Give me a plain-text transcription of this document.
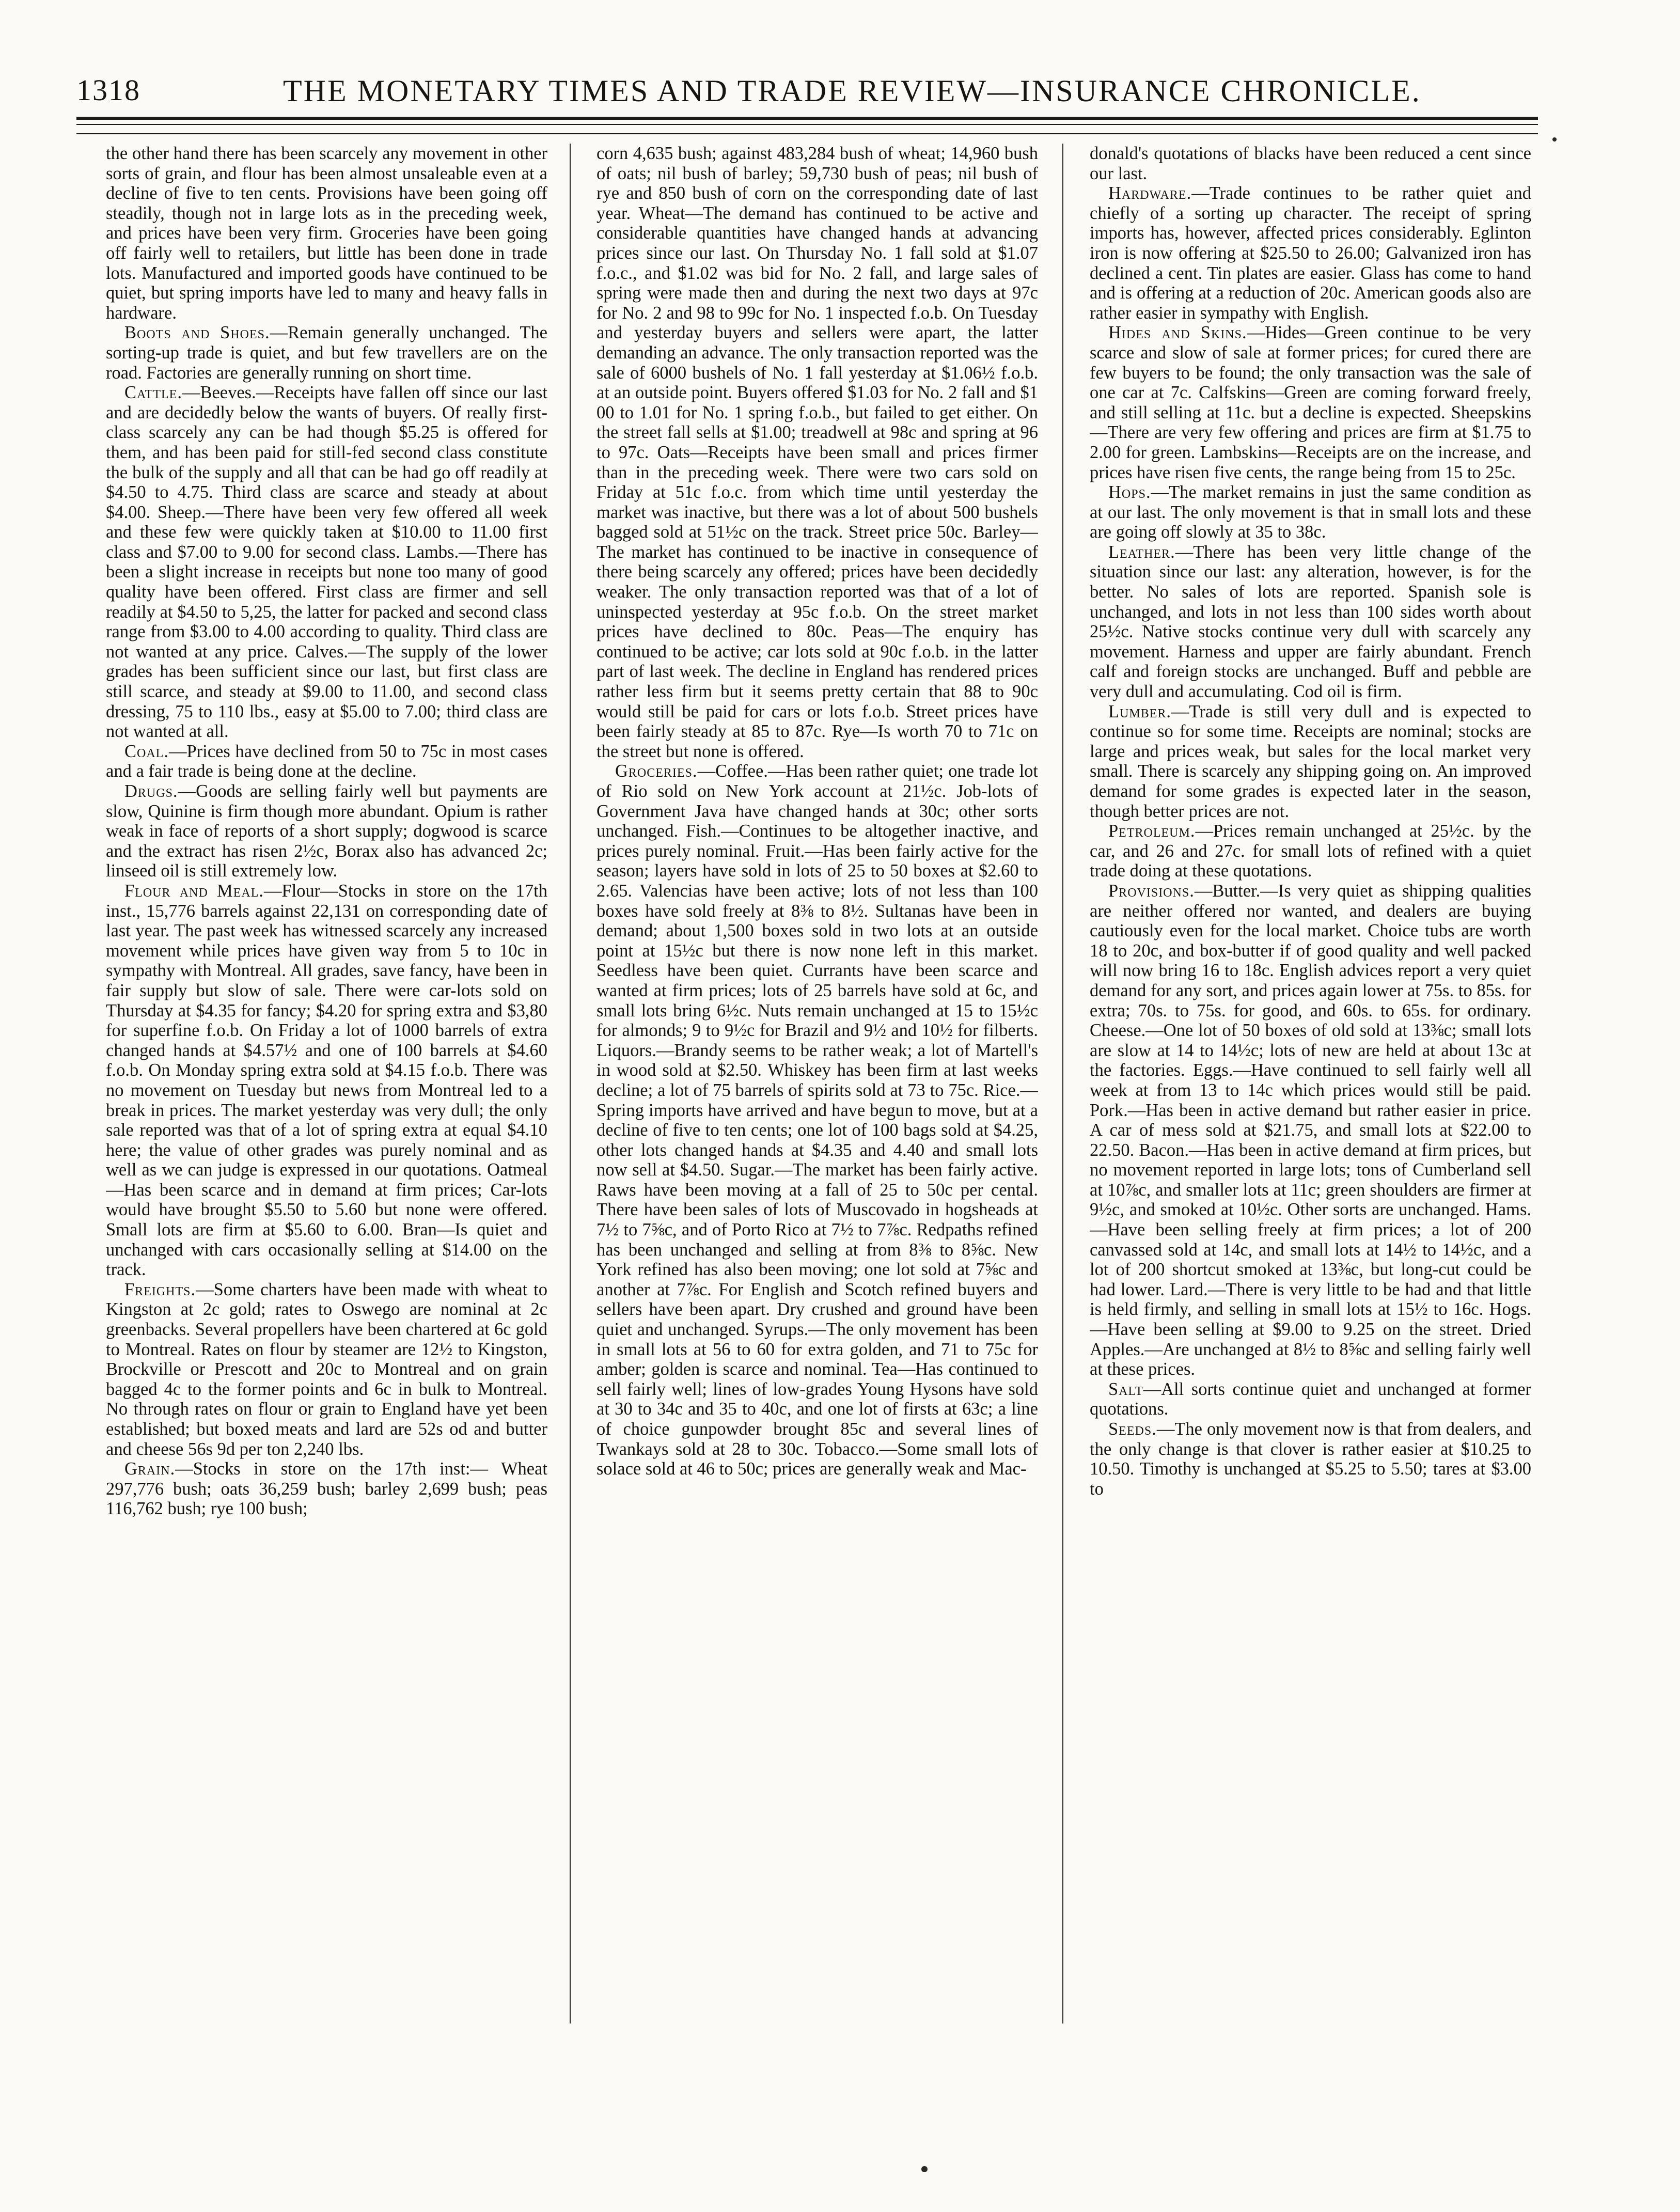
1318	THE MONETARY TIMES AND TRADE REVIEW—INSURANCE CHRONICLE.

the other hand there has been scarcely any movement in other sorts of grain, and flour has been almost unsaleable even at a decline of five to ten cents. Provisions have been going off steadily, though not in large lots as in the preceding week, and prices have been very firm. Groceries have been going off fairly well to retailers, but little has been done in trade lots. Manufactured and imported goods have continued to be quiet, but spring imports have led to many and heavy falls in hardware.

Boots and Shoes.—Remain generally unchanged. The sorting-up trade is quiet, and but few travellers are on the road. Factories are generally running on short time.

Cattle.—Beeves.—Receipts have fallen off since our last and are decidedly below the wants of buyers. Of really first-class scarcely any can be had though $5.25 is offered for them, and has been paid for still-fed second class constitute the bulk of the supply and all that can be had go off readily at $4.50 to 4.75. Third class are scarce and steady at about $4.00. Sheep.—There have been very few offered all week and these few were quickly taken at $10.00 to 11.00 first class and $7.00 to 9.00 for second class. Lambs.—There has been a slight increase in receipts but none too many of good quality have been offered. First class are firmer and sell readily at $4.50 to 5,25, the latter for packed and second class range from $3.00 to 4.00 according to quality. Third class are not wanted at any price. Calves.—The supply of the lower grades has been sufficient since our last, but first class are still scarce, and steady at $9.00 to 11.00, and second class dressing, 75 to 110 lbs., easy at $5.00 to 7.00; third class are not wanted at all.

Coal.—Prices have declined from 50 to 75c in most cases and a fair trade is being done at the decline.

Drugs.—Goods are selling fairly well but payments are slow, Quinine is firm though more abundant. Opium is rather weak in face of reports of a short supply; dogwood is scarce and the extract has risen 2½c, Borax also has advanced 2c; linseed oil is still extremely low.

Flour and Meal.—Flour—Stocks in store on the 17th inst., 15,776 barrels against 22,131 on corresponding date of last year. The past week has witnessed scarcely any increased movement while prices have given way from 5 to 10c in sympathy with Montreal. All grades, save fancy, have been in fair supply but slow of sale. There were car-lots sold on Thursday at $4.35 for fancy; $4.20 for spring extra and $3,80 for superfine f.o.b. On Friday a lot of 1000 barrels of extra changed hands at $4.57½ and one of 100 barrels at $4.60 f.o.b. On Monday spring extra sold at $4.15 f.o.b. There was no movement on Tuesday but news from Montreal led to a break in prices. The market yesterday was very dull; the only sale reported was that of a lot of spring extra at equal $4.10 here; the value of other grades was purely nominal and as well as we can judge is expressed in our quotations. Oatmeal—Has been scarce and in demand at firm prices; Car-lots would have brought $5.50 to 5.60 but none were offered. Small lots are firm at $5.60 to 6.00. Bran—Is quiet and unchanged with cars occasionally selling at $14.00 on the track.

Freights.—Some charters have been made with wheat to Kingston at 2c gold; rates to Oswego are nominal at 2c greenbacks. Several propellers have been chartered at 6c gold to Montreal. Rates on flour by steamer are 12½ to Kingston, Brockville or Prescott and 20c to Montreal and on grain bagged 4c to the former points and 6c in bulk to Montreal. No through rates on flour or grain to England have yet been established; but boxed meats and lard are 52s od and butter and cheese 56s 9d per ton 2,240 lbs.

Grain.—Stocks in store on the 17th inst:— Wheat 297,776 bush; oats 36,259 bush; barley 2,699 bush; peas 116,762 bush; rye 100 bush;

corn 4,635 bush; against 483,284 bush of wheat; 14,960 bush of oats; nil bush of barley; 59,730 bush of peas; nil bush of rye and 850 bush of corn on the corresponding date of last year. Wheat—The demand has continued to be active and considerable quantities have changed hands at advancing prices since our last. On Thursday No. 1 fall sold at $1.07 f.o.c., and $1.02 was bid for No. 2 fall, and large sales of spring were made then and during the next two days at 97c for No. 2 and 98 to 99c for No. 1 inspected f.o.b. On Tuesday and yesterday buyers and sellers were apart, the latter demanding an advance. The only transaction reported was the sale of 6000 bushels of No. 1 fall yesterday at $1.06½ f.o.b. at an outside point. Buyers offered $1.03 for No. 2 fall and $1 00 to 1.01 for No. 1 spring f.o.b., but failed to get either. On the street fall sells at $1.00; treadwell at 98c and spring at 96 to 97c. Oats—Receipts have been small and prices firmer than in the preceding week. There were two cars sold on Friday at 51c f.o.c. from which time until yesterday the market was inactive, but there was a lot of about 500 bushels bagged sold at 51½c on the track. Street price 50c. Barley—The market has continued to be inactive in consequence of there being scarcely any offered; prices have been decidedly weaker. The only transaction reported was that of a lot of uninspected yesterday at 95c f.o.b. On the street market prices have declined to 80c. Peas—The enquiry has continued to be active; car lots sold at 90c f.o.b. in the latter part of last week. The decline in England has rendered prices rather less firm but it seems pretty certain that 88 to 90c would still be paid for cars or lots f.o.b. Street prices have been fairly steady at 85 to 87c. Rye—Is worth 70 to 71c on the street but none is offered.

Groceries.—Coffee.—Has been rather quiet; one trade lot of Rio sold on New York account at 21½c. Job-lots of Government Java have changed hands at 30c; other sorts unchanged. Fish.—Continues to be altogether inactive, and prices purely nominal. Fruit.—Has been fairly active for the season; layers have sold in lots of 25 to 50 boxes at $2.60 to 2.65. Valencias have been active; lots of not less than 100 boxes have sold freely at 8⅜ to 8½. Sultanas have been in demand; about 1,500 boxes sold in two lots at an outside point at 15½c but there is now none left in this market. Seedless have been quiet. Currants have been scarce and wanted at firm prices; lots of 25 barrels have sold at 6c, and small lots bring 6½c. Nuts remain unchanged at 15 to 15½c for almonds; 9 to 9½c for Brazil and 9½ and 10½ for filberts. Liquors.—Brandy seems to be rather weak; a lot of Martell's in wood sold at $2.50. Whiskey has been firm at last weeks decline; a lot of 75 barrels of spirits sold at 73 to 75c. Rice.—Spring imports have arrived and have begun to move, but at a decline of five to ten cents; one lot of 100 bags sold at $4.25, other lots changed hands at $4.35 and 4.40 and small lots now sell at $4.50. Sugar.—The market has been fairly active. Raws have been moving at a fall of 25 to 50c per cental. There have been sales of lots of Muscovado in hogsheads at 7½ to 7⅝c, and of Porto Rico at 7½ to 7⅞c. Redpaths refined has been unchanged and selling at from 8⅜ to 8⅝c. New York refined has also been moving; one lot sold at 7⅝c and another at 7⅞c. For English and Scotch refined buyers and sellers have been apart. Dry crushed and ground have been quiet and unchanged. Syrups.—The only movement has been in small lots at 56 to 60 for extra golden, and 71 to 75c for amber; golden is scarce and nominal. Tea—Has continued to sell fairly well; lines of low-grades Young Hysons have sold at 30 to 34c and 35 to 40c, and one lot of firsts at 63c; a line of choice gunpowder brought 85c and several lines of Twankays sold at 28 to 30c. Tobacco.—Some small lots of solace sold at 46 to 50c; prices are generally weak and Mac-

donald's quotations of blacks have been reduced a cent since our last.

Hardware.—Trade continues to be rather quiet and chiefly of a sorting up character. The receipt of spring imports has, however, affected prices considerably. Eglinton iron is now offering at $25.50 to 26.00; Galvanized iron has declined a cent. Tin plates are easier. Glass has come to hand and is offering at a reduction of 20c. American goods also are rather easier in sympathy with English.

Hides and Skins.—Hides—Green continue to be very scarce and slow of sale at former prices; for cured there are few buyers to be found; the only transaction was the sale of one car at 7c. Calfskins—Green are coming forward freely, and still selling at 11c. but a decline is expected. Sheepskins—There are very few offering and prices are firm at $1.75 to 2.00 for green. Lambskins—Receipts are on the increase, and prices have risen five cents, the range being from 15 to 25c.

Hops.—The market remains in just the same condition as at our last. The only movement is that in small lots and these are going off slowly at 35 to 38c.

Leather.—There has been very little change of the situation since our last: any alteration, however, is for the better. No sales of lots are reported. Spanish sole is unchanged, and lots in not less than 100 sides worth about 25½c. Native stocks continue very dull with scarcely any movement. Harness and upper are fairly abundant. French calf and foreign stocks are unchanged. Buff and pebble are very dull and accumulating. Cod oil is firm.

Lumber.—Trade is still very dull and is expected to continue so for some time. Receipts are nominal; stocks are large and prices weak, but sales for the local market very small. There is scarcely any shipping going on. An improved demand for some grades is expected later in the season, though better prices are not.

Petroleum.—Prices remain unchanged at 25½c. by the car, and 26 and 27c. for small lots of refined with a quiet trade doing at these quotations.

Provisions.—Butter.—Is very quiet as shipping qualities are neither offered nor wanted, and dealers are buying cautiously even for the local market. Choice tubs are worth 18 to 20c, and box-butter if of good quality and well packed will now bring 16 to 18c. English advices report a very quiet demand for any sort, and prices again lower at 75s. to 85s. for extra; 70s. to 75s. for good, and 60s. to 65s. for ordinary. Cheese.—One lot of 50 boxes of old sold at 13⅜c; small lots are slow at 14 to 14½c; lots of new are held at about 13c at the factories. Eggs.—Have continued to sell fairly well all week at from 13 to 14c which prices would still be paid. Pork.—Has been in active demand but rather easier in price. A car of mess sold at $21.75, and small lots at $22.00 to 22.50. Bacon.—Has been in active demand at firm prices, but no movement reported in large lots; tons of Cumberland sell at 10⅞c, and smaller lots at 11c; green shoulders are firmer at 9½c, and smoked at 10½c. Other sorts are unchanged. Hams.—Have been selling freely at firm prices; a lot of 200 canvassed sold at 14c, and small lots at 14½ to 14½c, and a lot of 200 shortcut smoked at 13⅜c, but long-cut could be had lower. Lard.—There is very little to be had and that little is held firmly, and selling in small lots at 15½ to 16c. Hogs.—Have been selling at $9.00 to 9.25 on the street. Dried Apples.—Are unchanged at 8½ to 8⅝c and selling fairly well at these prices.

Salt—All sorts continue quiet and unchanged at former quotations.

Seeds.—The only movement now is that from dealers, and the only change is that clover is rather easier at $10.25 to 10.50. Timothy is unchanged at $5.25 to 5.50; tares at $3.00 to
